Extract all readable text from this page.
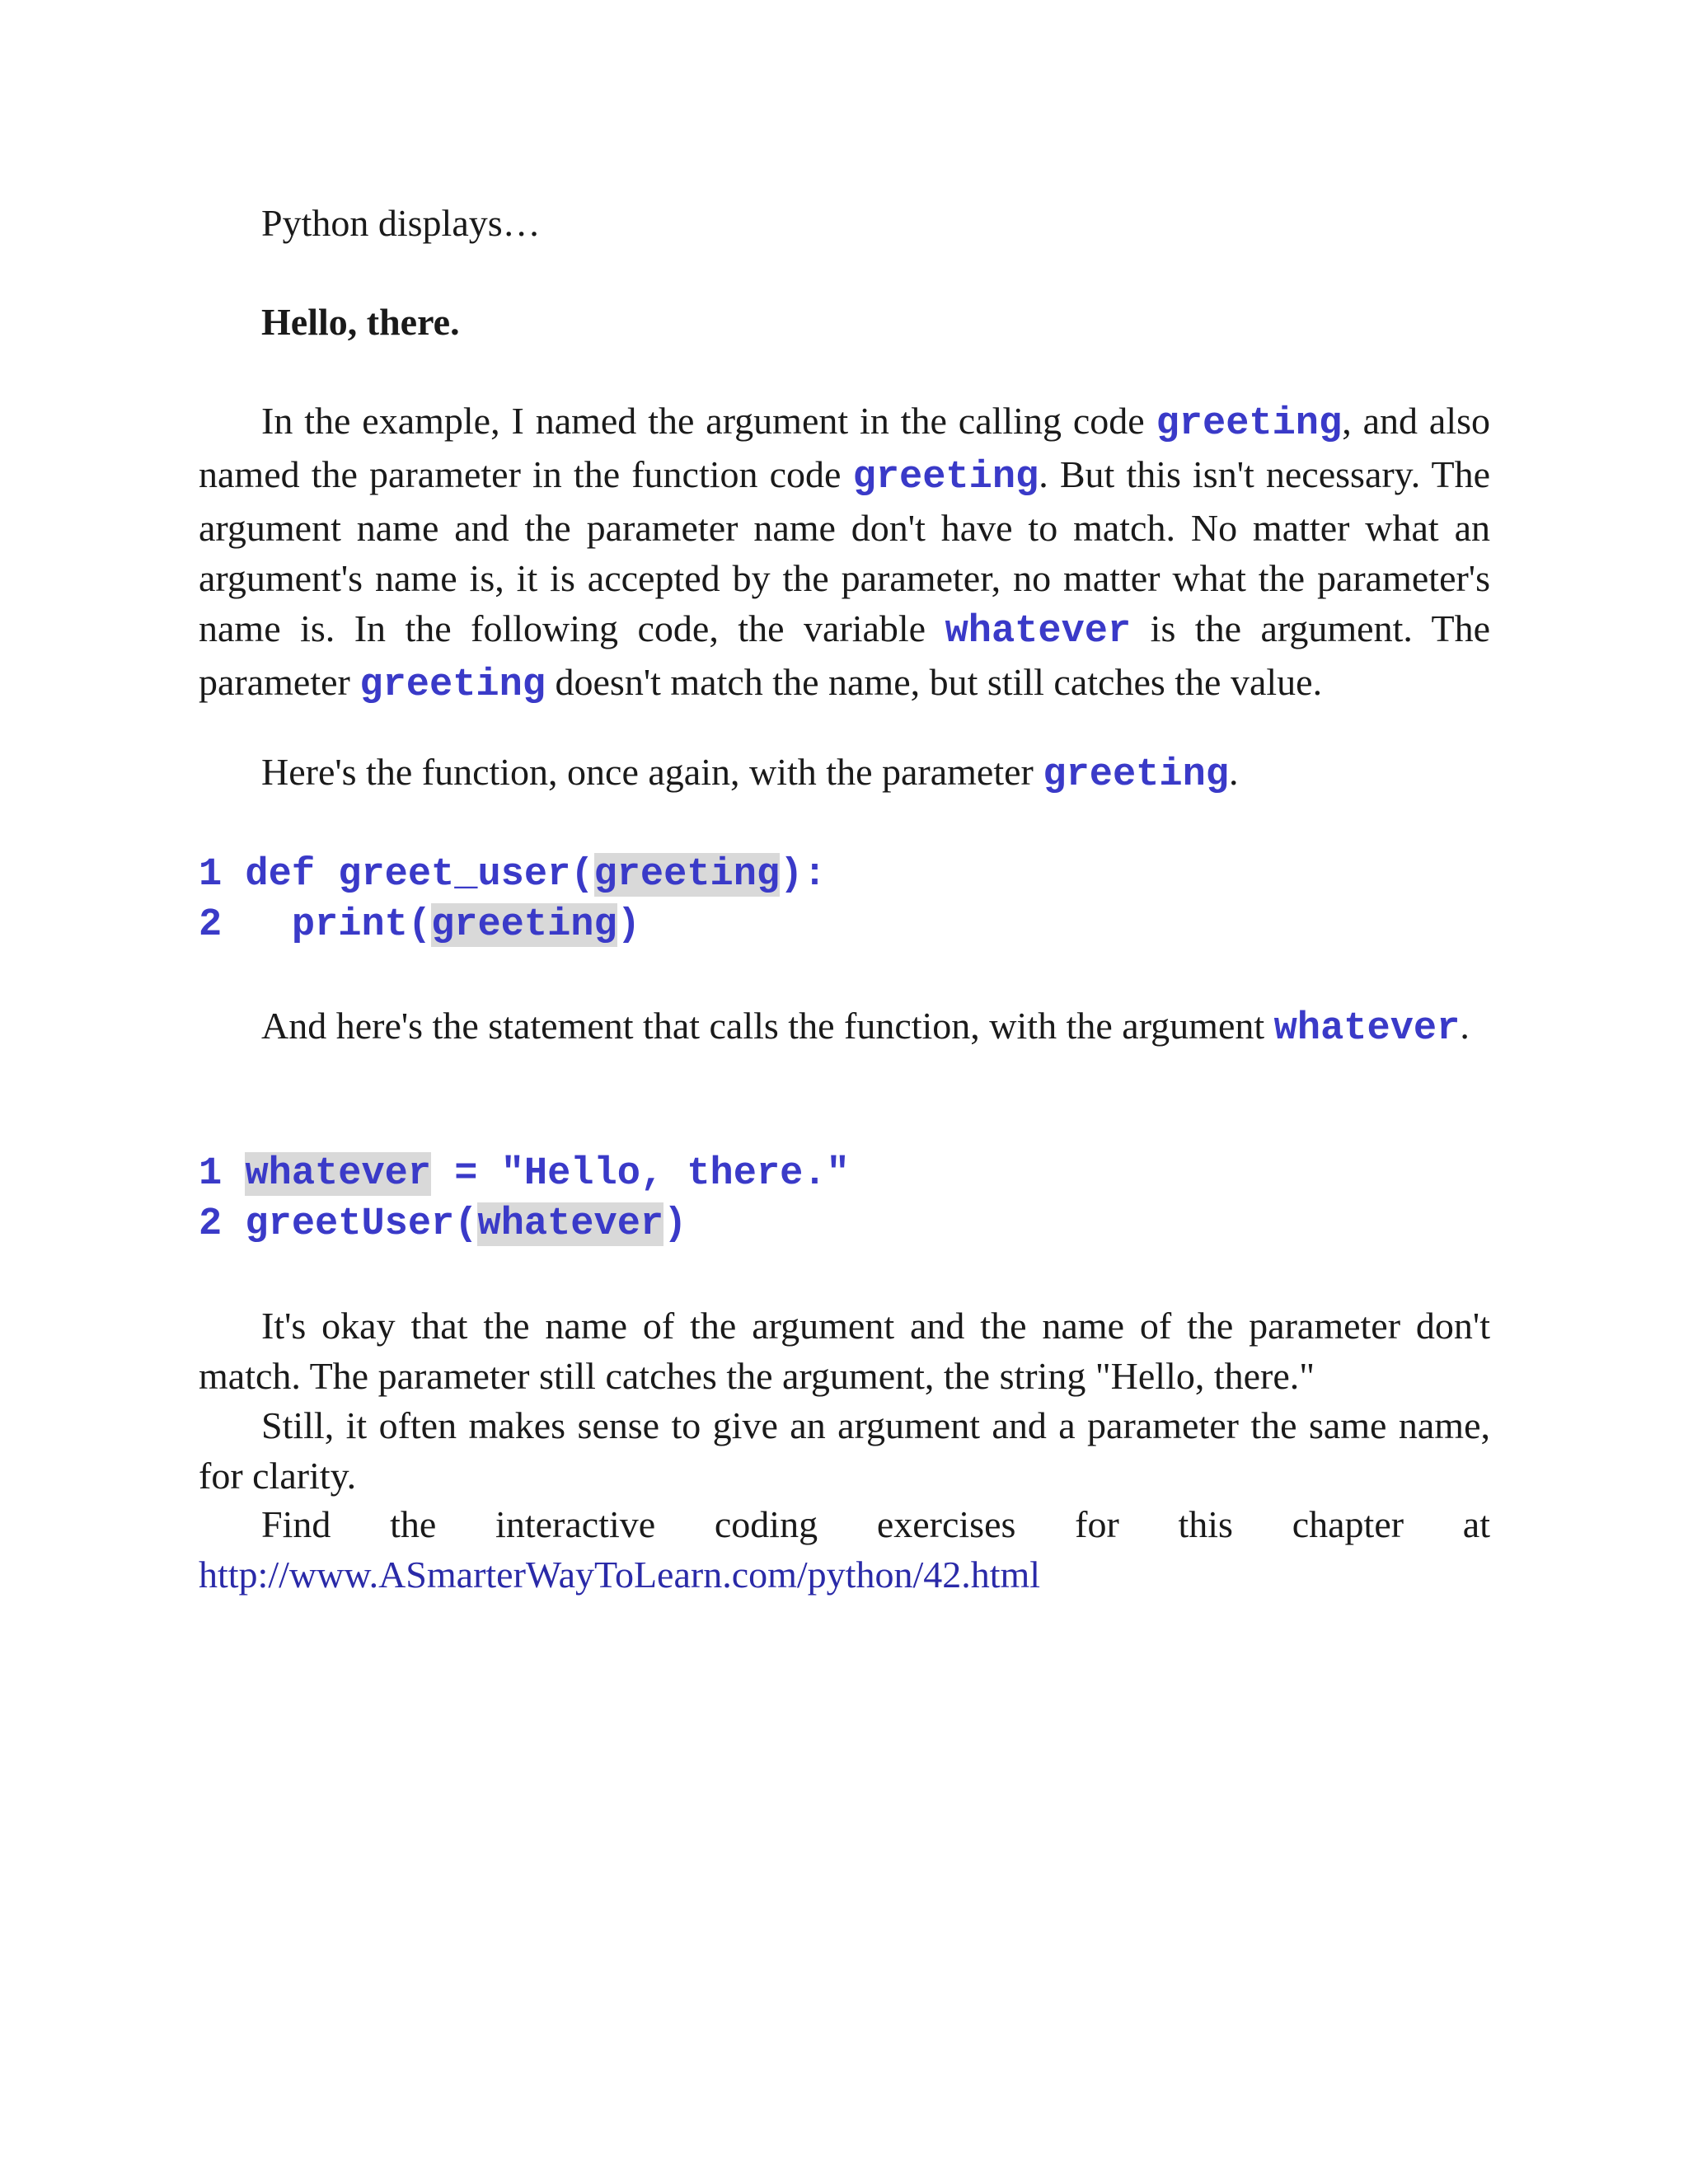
Python displays…

Hello, there.

In the example, I named the argument in the calling code greeting, and also named the parameter in the function code greeting. But this isn't necessary. The argument name and the parameter name don't have to match. No matter what an argument's name is, it is accepted by the parameter, no matter what the parameter's name is. In the following code, the variable whatever is the argument. The parameter greeting doesn't match the name, but still catches the value.

Here's the function, once again, with the parameter greeting.

1 def greet_user(greeting):
2   print(greeting)

And here's the statement that calls the function, with the argument whatever.

1 whatever = "Hello, there."
2 greetUser(whatever)

It's okay that the name of the argument and the name of the parameter don't match. The parameter still catches the argument, the string "Hello, there."

Still, it often makes sense to give an argument and a parameter the same name, for clarity.

Find the interactive coding exercises for this chapter at

http://www.ASmarterWayToLearn.com/python/42.html
